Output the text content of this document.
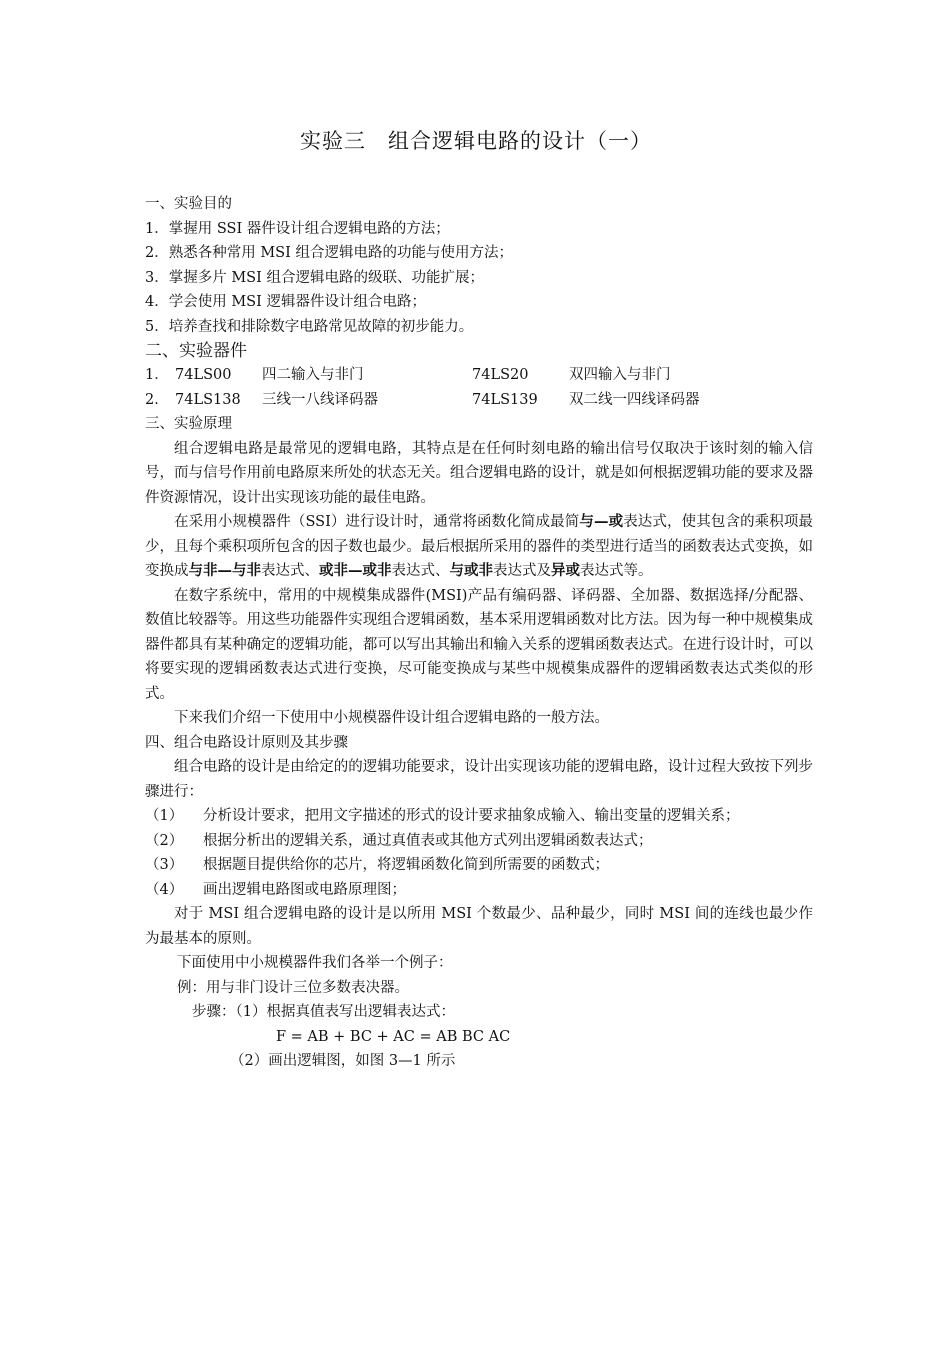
实验三　组合逻辑电路的设计（一）
一、实验目的
1．掌握用 SSI 器件设计组合逻辑电路的方法；
2．熟悉各种常用 MSI 组合逻辑电路的功能与使用方法；
3．掌握多片 MSI 组合逻辑电路的级联、功能扩展；
4．学会使用 MSI 逻辑器件设计组合电路；
5．培养查找和排除数字电路常见故障的初步能力。
二、实验器件
1． 74LS00 四二输入与非门	74LS20	双四输入与非门
2． 74LS138 三线一八线译码器	74LS139 双二线一四线译码器
三、实验原理

组合逻辑电路是最常见的逻辑电路，其特点是在任何时刻电路的输出信号仅取决于该时刻的输入信号，而与信号作用前电路原来所处的状态无关。组合逻辑电路的设计，就是如何根据逻辑功能的要求及器件资源情况，设计出实现该功能的最佳电路。

在采用小规模器件（SSI）进行设计时，通常将函数化简成最简与—或表达式，使其包含的乘积项最少，且每个乘积项所包含的因子数也最少。最后根据所采用的器件的类型进行适当的函数表达式变换，如变换成与非—与非表达式、或非—或非表达式、与或非表达式及异或表达式等。

在数字系统中，常用的中规模集成器件(MSI)产品有编码器、译码器、全加器、数据选择/分配器、数值比较器等。用这些功能器件实现组合逻辑函数，基本采用逻辑函数对比方法。因为每一种中规模集成器件都具有某种确定的逻辑功能，都可以写出其输出和输入关系的逻辑函数表达式。在进行设计时，可以将要实现的逻辑函数表达式进行变换，尽可能变换成与某些中规模集成器件的逻辑函数表达式类似的形式。

下来我们介绍一下使用中小规模器件设计组合逻辑电路的一般方法。

四、组合电路设计原则及其步骤

组合电路的设计是由给定的的逻辑功能要求，设计出实现该功能的逻辑电路，设计过程大致按下列步骤进行：

（1） 分析设计要求，把用文字描述的形式的设计要求抽象成输入、输出变量的逻辑关系；
（2） 根据分析出的逻辑关系，通过真值表或其他方式列出逻辑函数表达式；
（3） 根据题目提供给你的芯片，将逻辑函数化简到所需要的函数式；
（4） 画出逻辑电路图或电路原理图；

对于 MSI 组合逻辑电路的设计是以所用 MSI 个数最少、品种最少，同时 MSI 间的连线也最少作为最基本的原则。

下面使用中小规模器件我们各举一个例子：
例：用与非门设计三位多数表决器。
步骤：（1）根据真值表写出逻辑表达式：
F = AB + BC + AC = AB BC AC
（2）画出逻辑图，如图 3—1 所示
